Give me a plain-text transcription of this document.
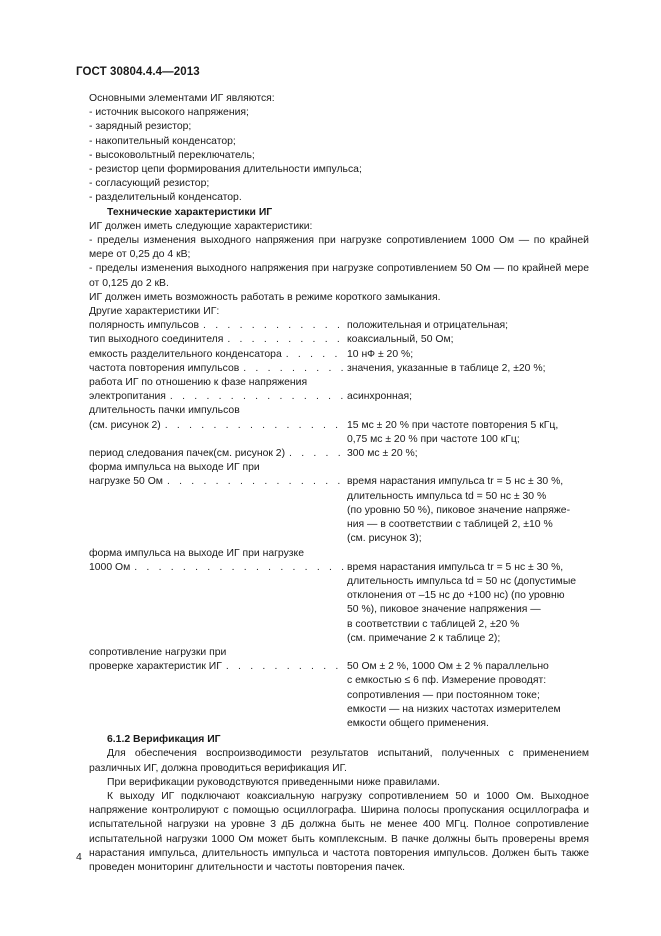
ГОСТ 30804.4.4—2013

Основными элементами ИГ являются:

- источник высокого напряжения;

- зарядный резистор;

- накопительный конденсатор;

- высоковольтный переключатель;

- резистор цепи формирования длительности импульса;

- согласующий резистор;

- разделительный конденсатор.

Технические характеристики ИГ

ИГ должен иметь следующие характеристики:

- пределы изменения выходного напряжения при нагрузке сопротивлением 1000 Ом — по крайней мере от 0,25 до 4 кВ;

- пределы изменения выходного напряжения при нагрузке сопротивлением 50 Ом — по крайней мере от 0,125 до 2 кВ.

ИГ должен иметь возможность работать в режиме короткого замыкания.

Другие характеристики ИГ:

полярность импульсов . . .	положительная и отрицательная;
тип выходного соединителя . . .	коаксиальный, 50 Ом;
емкость разделительного конденсатора . . .	10 нФ ± 20 %;
частота повторения импульсов . . .	значения, указанные в таблице 2, ±20 %;
работа ИГ по отношению к фазе напряжения
электропитания . . .	асинхронная;
длительность пачки импульсов
(см. рисунок 2) . . .	15 мс ± 20 % при частоте повторения 5 кГц,
0,75 мс ± 20 % при частоте 100 кГц;
период следования пачек(см. рисунок 2) . . .	300 мс ± 20 %;
форма импульса на выходе ИГ при
нагрузке 50 Ом . . .	время нарастания импульса tr = 5 нс ± 30 %,
длительность импульса td = 50 нс ± 30 %
(по уровню 50 %), пиковое значение напряже-
ния — в соответствии с таблицей 2, ±10 %
(см. рисунок 3);
форма импульса на выходе ИГ при нагрузке
1000 Ом . . .	время нарастания импульса tr = 5 нс ± 30 %,
длительность импульса td = 50 нс (допустимые
отклонения от –15 нс до +100 нс) (по уровню
50 %), пиковое значение напряжения —
в соответствии с таблицей 2, ±20 %
(см. примечание 2 к таблице 2);
сопротивление нагрузки при
проверке характеристик ИГ . . .	50 Ом ± 2 %, 1000 Ом ± 2 % параллельно
с емкостью ≤ 6 пф. Измерение проводят:
сопротивления — при постоянном токе;
емкости — на низких частотах измерителем
емкости общего применения.

6.1.2 Верификация ИГ

Для обеспечения воспроизводимости результатов испытаний, полученных с применением различных ИГ, должна проводиться верификация ИГ.

При верификации руководствуются приведенными ниже правилами.

К выходу ИГ подключают коаксиальную нагрузку сопротивлением 50 и 1000 Ом. Выходное напряжение контролируют с помощью осциллографа. Ширина полосы пропускания осциллографа и испытательной нагрузки на уровне 3 дБ должна быть не менее 400 МГц. Полное сопротивление испытательной нагрузки 1000 Ом может быть комплексным. В пачке должны быть проверены время нарастания импульса, длительность импульса и частота повторения импульсов. Должен быть также проведен мониторинг длительности и частоты повторения пачек.

4
